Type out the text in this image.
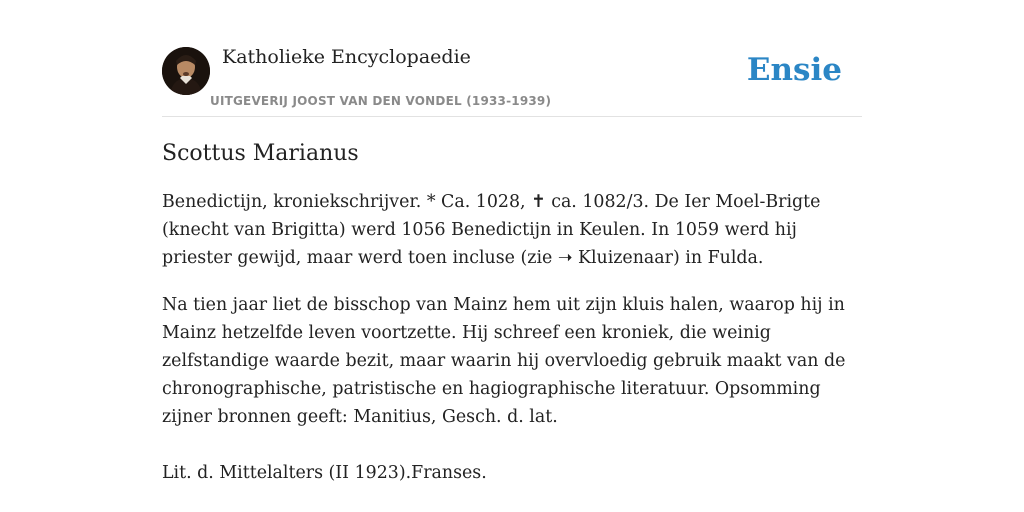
Katholieke Encyclopaedie
UITGEVERIJ JOOST VAN DEN VONDEL (1933-1939)
Ensie
Scottus Marianus

Benedictijn, kroniekschrijver. * Ca. 1028, ✝ ca. 1082/3. De Ier Moel-Brigte (knecht van Brigitta) werd 1056 Benedictijn in Keulen. In 1059 werd hij priester gewijd, maar werd toen incluse (zie ➝ Kluizenaar) in Fulda.

Na tien jaar liet de bisschop van Mainz hem uit zijn kluis halen, waarop hij in Mainz hetzelfde leven voortzette. Hij schreef een kroniek, die weinig zelfstandige waarde bezit, maar waarin hij overvloedig gebruik maakt van de chronographische, patristische en hagiographische literatuur. Opsomming zijner bronnen geeft: Manitius, Gesch. d. lat.

Lit. d. Mittelalters (II 1923).Franses.
